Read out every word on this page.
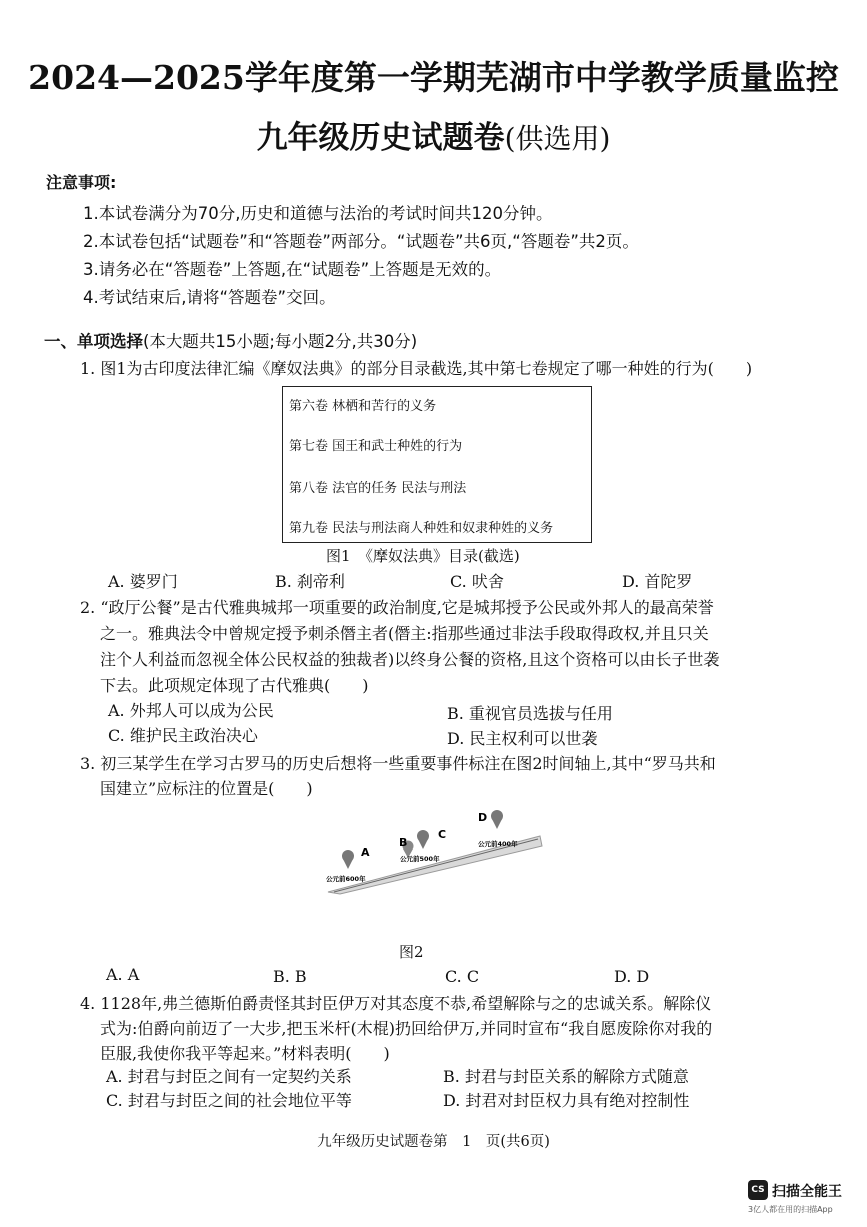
2024—2025学年度第一学期芜湖市中学教学质量监控
九年级历史试题卷(供选用)
注意事项:
1.本试卷满分为70分,历史和道德与法治的考试时间共120分钟。
2.本试卷包括“试题卷”和“答题卷”两部分。“试题卷”共6页,“答题卷”共2页。
3.请务必在“答题卷”上答题,在“试题卷”上答题是无效的。
4.考试结束后,请将“答题卷”交回。
一、单项选择(本大题共15小题;每小题2分,共30分)
1. 图1为古印度法律汇编《摩奴法典》的部分目录截选,其中第七卷规定了哪一种姓的行为(　　)
第六卷 林栖和苦行的义务
第七卷 国王和武士种姓的行为
第八卷 法官的任务 民法与刑法
第九卷 民法与刑法商人种姓和奴隶种姓的义务
图1　《摩奴法典》目录(截选)
A. 婆罗门	B. 刹帝利	C. 吠舍	D. 首陀罗
2. “政厅公餐”是古代雅典城邦一项重要的政治制度,它是城邦授予公民或外邦人的最高荣誉
之一。雅典法令中曾规定授予刺杀僭主者(僭主:指那些通过非法手段取得政权,并且只关
注个人利益而忽视全体公民权益的独裁者)以终身公餐的资格,且这个资格可以由长子世袭
下去。此项规定体现了古代雅典(　　)
A. 外邦人可以成为公民	B. 重视官员选拔与任用
C. 维护民主政治决心	D. 民主权利可以世袭
3. 初三某学生在学习古罗马的历史后想将一些重要事件标注在图2时间轴上,其中“罗马共和
国建立”应标注的位置是(　　)
A
B
C
D
公元前600年
公元前500年
公元前400年
图2
A. A	B. B	C. C	D. D
4. 1128年,弗兰德斯伯爵责怪其封臣伊万对其态度不恭,希望解除与之的忠诚关系。解除仪
式为:伯爵向前迈了一大步,把玉米杆(木棍)扔回给伊万,并同时宣布“我自愿废除你对我的
臣服,我使你我平等起来。”材料表明(　　)
A. 封君与封臣之间有一定契约关系	B. 封君与封臣关系的解除方式随意
C. 封君与封臣之间的社会地位平等	D. 封君对封臣权力具有绝对控制性
九年级历史试题卷第　1　页(共6页)
CS 扫描全能王
3亿人都在用的扫描App
